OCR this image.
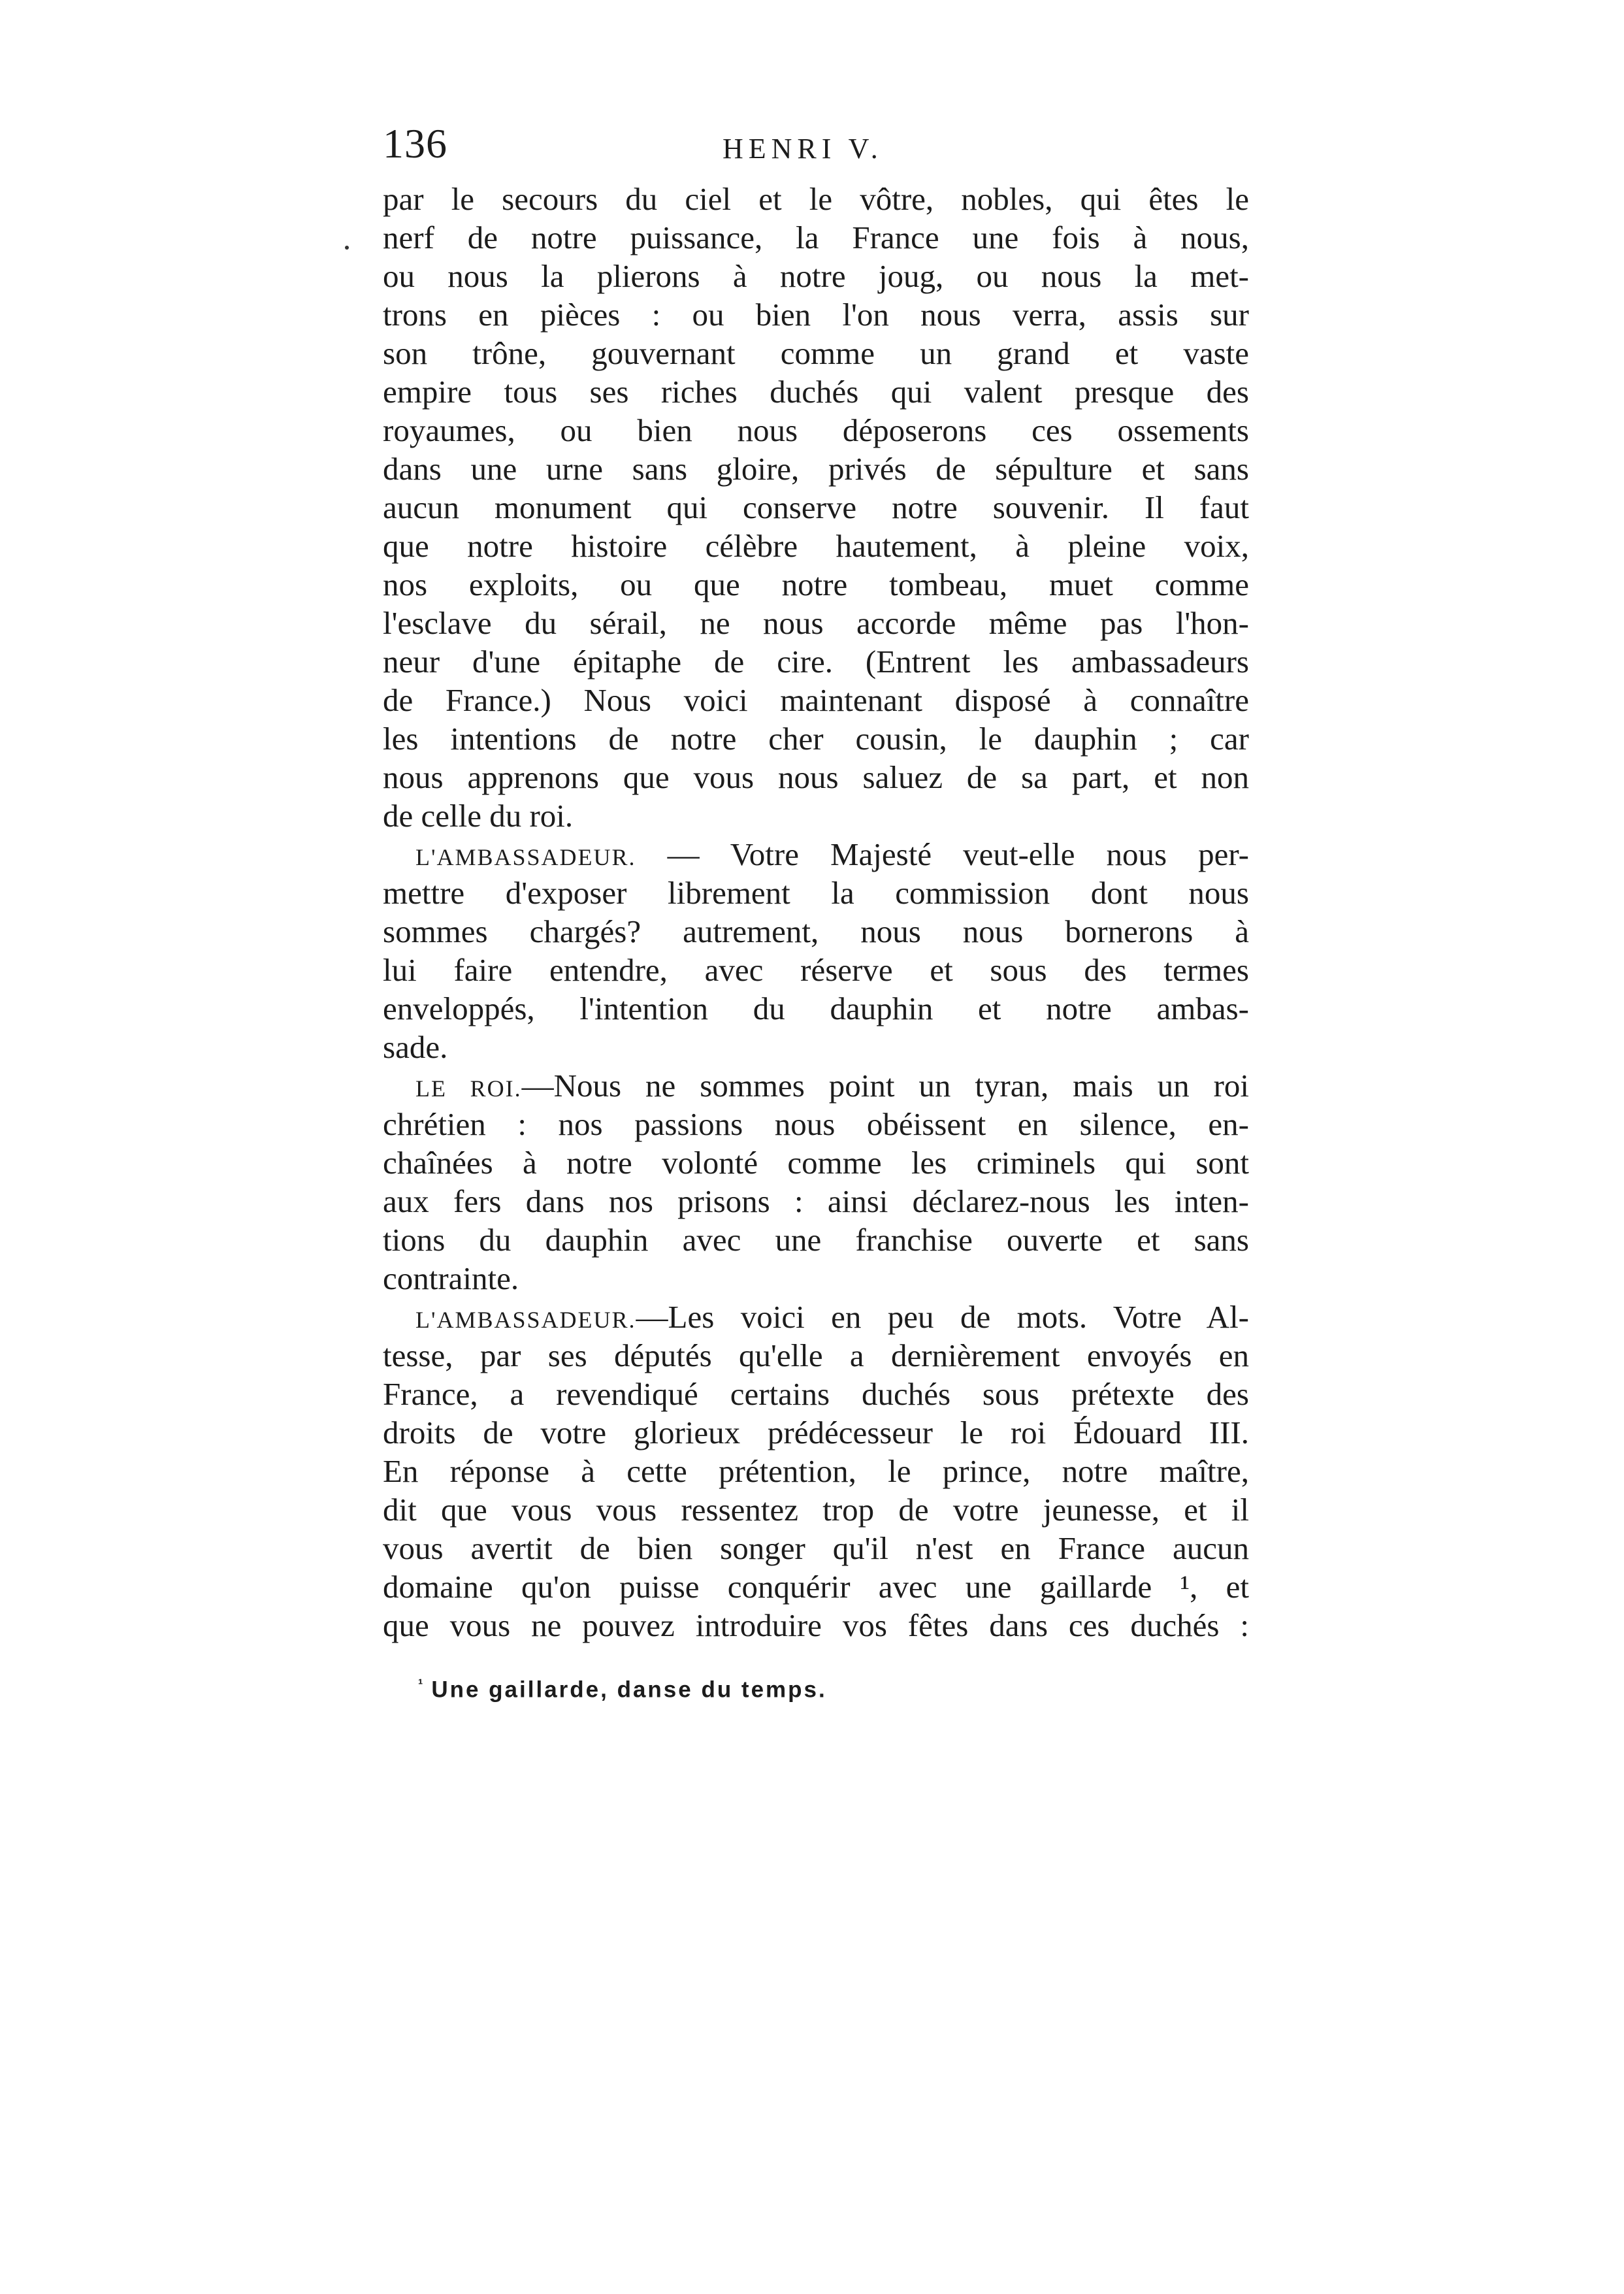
136	HENRI V.
par le secours du ciel et le vôtre, nobles, qui êtes le
nerf de notre puissance, la France une fois à nous,
ou nous la plierons à notre joug, ou nous la met-
trons en pièces : ou bien l'on nous verra, assis sur
son trône, gouvernant comme un grand et vaste
empire tous ses riches duchés qui valent presque des
royaumes, ou bien nous déposerons ces ossements
dans une urne sans gloire, privés de sépulture et sans
aucun monument qui conserve notre souvenir. Il faut
que notre histoire célèbre hautement, à pleine voix,
nos exploits, ou que notre tombeau, muet comme
l'esclave du sérail, ne nous accorde même pas l'hon-
neur d'une épitaphe de cire. (Entrent les ambassadeurs
de France.) Nous voici maintenant disposé à connaître
les intentions de notre cher cousin, le dauphin ; car
nous apprenons que vous nous saluez de sa part, et non
de celle du roi.
L'AMBASSADEUR. — Votre Majesté veut-elle nous per-
mettre d'exposer librement la commission dont nous
sommes chargés? autrement, nous nous bornerons à
lui faire entendre, avec réserve et sous des termes
enveloppés, l'intention du dauphin et notre ambas-
sade.
LE ROI.—Nous ne sommes point un tyran, mais un roi
chrétien : nos passions nous obéissent en silence, en-
chaînées à notre volonté comme les criminels qui sont
aux fers dans nos prisons : ainsi déclarez-nous les inten-
tions du dauphin avec une franchise ouverte et sans
contrainte.
L'AMBASSADEUR.—Les voici en peu de mots. Votre Al-
tesse, par ses députés qu'elle a dernièrement envoyés en
France, a revendiqué certains duchés sous prétexte des
droits de votre glorieux prédécesseur le roi Édouard III.
En réponse à cette prétention, le prince, notre maître,
dit que vous vous ressentez trop de votre jeunesse, et il
vous avertit de bien songer qu'il n'est en France aucun
domaine qu'on puisse conquérir avec une gaillarde ¹, et
que vous ne pouvez introduire vos fêtes dans ces duchés :
$^{^1}$ Une gaillarde, danse du temps.
